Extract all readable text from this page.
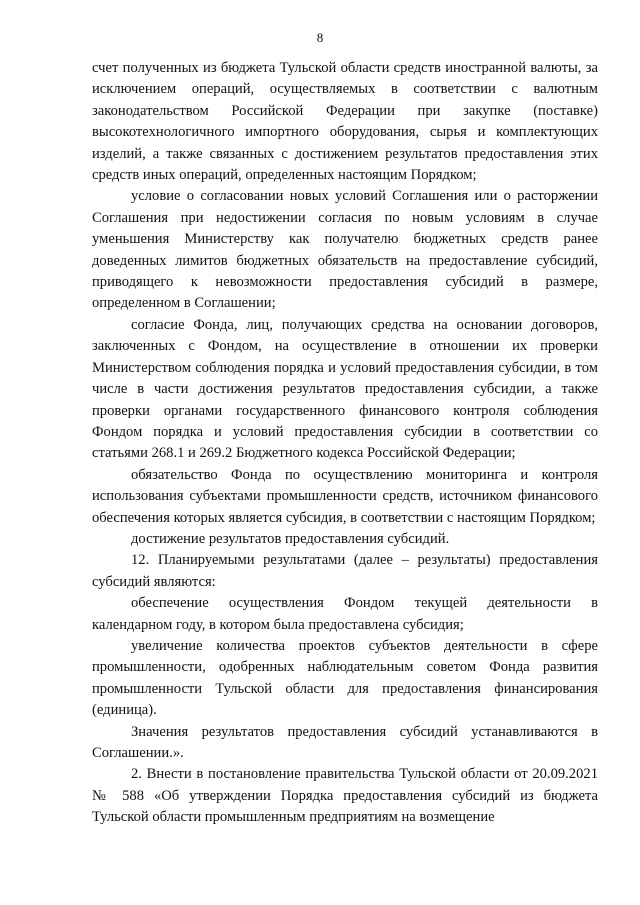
8

счет полученных из бюджета Тульской области средств иностранной валюты, за исключением операций, осуществляемых в соответствии с валютным законодательством Российской Федерации при закупке (поставке) высокотехнологичного импортного оборудования, сырья и комплектующих изделий, а также связанных с достижением результатов предоставления этих средств иных операций, определенных настоящим Порядком;

условие о согласовании новых условий Соглашения или о расторжении Соглашения при недостижении согласия по новым условиям в случае уменьшения Министерству как получателю бюджетных средств ранее доведенных лимитов бюджетных обязательств на предоставление субсидий, приводящего к невозможности предоставления субсидий в размере, определенном в Соглашении;

согласие Фонда, лиц, получающих средства на основании договоров, заключенных с Фондом, на осуществление в отношении их проверки Министерством соблюдения порядка и условий предоставления субсидии, в том числе в части достижения результатов предоставления субсидии, а также проверки органами государственного финансового контроля соблюдения Фондом порядка и условий предоставления субсидии в соответствии со статьями 268.1 и 269.2 Бюджетного кодекса Российской Федерации;

обязательство Фонда по осуществлению мониторинга и контроля использования субъектами промышленности средств, источником финансового обеспечения которых является субсидия, в соответствии с настоящим Порядком;

достижение результатов предоставления субсидий.

12. Планируемыми результатами (далее – результаты) предоставления субсидий являются:

обеспечение осуществления Фондом текущей деятельности в календарном году, в котором была предоставлена субсидия;

увеличение количества проектов субъектов деятельности в сфере промышленности, одобренных наблюдательным советом Фонда развития промышленности Тульской области для предоставления финансирования (единица).

Значения результатов предоставления субсидий устанавливаются в Соглашении.».

2. Внести в постановление правительства Тульской области от 20.09.2021 № 588 «Об утверждении Порядка предоставления субсидий из бюджета Тульской области промышленным предприятиям на возмещение
